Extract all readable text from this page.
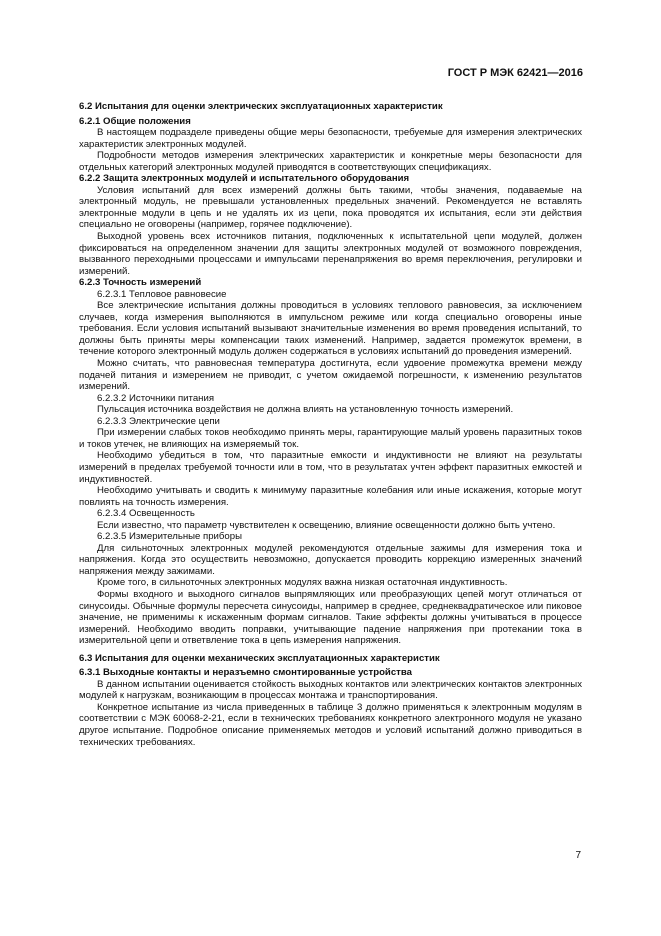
ГОСТ Р МЭК 62421—2016

6.2 Испытания для оценки электрических эксплуатационных характеристик

6.2.1 Общие положения

В настоящем подразделе приведены общие меры безопасности, требуемые для измерения электрических характеристик электронных модулей.

Подробности методов измерения электрических характеристик и конкретные меры безопасности для отдельных категорий электронных модулей приводятся в соответствующих спецификациях.

6.2.2 Защита электронных модулей и испытательного оборудования

Условия испытаний для всех измерений должны быть такими, чтобы значения, подаваемые на электронный модуль, не превышали установленных предельных значений. Рекомендуется не вставлять электронные модули в цепь и не удалять их из цепи, пока проводятся их испытания, если эти действия специально не оговорены (например, горячее подключение).

Выходной уровень всех источников питания, подключенных к испытательной цепи модулей, должен фиксироваться на определенном значении для защиты электронных модулей от возможного повреждения, вызванного переходными процессами и импульсами перенапряжения во время переключения, регулировки и измерений.

6.2.3 Точность измерений

6.2.3.1 Тепловое равновесие

Все электрические испытания должны проводиться в условиях теплового равновесия, за исключением случаев, когда измерения выполняются в импульсном режиме или когда специально оговорены иные требования. Если условия испытаний вызывают значительные изменения во время проведения испытаний, то должны быть приняты меры компенсации таких изменений. Например, задается промежуток времени, в течение которого электронный модуль должен содержаться в условиях испытаний до проведения измерений.

Можно считать, что равновесная температура достигнута, если удвоение промежутка времени между подачей питания и измерением не приводит, с учетом ожидаемой погрешности, к изменению результатов измерений.

6.2.3.2 Источники питания

Пульсация источника воздействия не должна влиять на установленную точность измерений.

6.2.3.3 Электрические цепи

При измерении слабых токов необходимо принять меры, гарантирующие малый уровень паразитных токов и токов утечек, не влияющих на измеряемый ток.

Необходимо убедиться в том, что паразитные емкости и индуктивности не влияют на результаты измерений в пределах требуемой точности или в том, что в результатах учтен эффект паразитных емкостей и индуктивностей.

Необходимо учитывать и сводить к минимуму паразитные колебания или иные искажения, которые могут повлиять на точность измерения.

6.2.3.4 Освещенность

Если известно, что параметр чувствителен к освещению, влияние освещенности должно быть учтено.

6.2.3.5 Измерительные приборы

Для сильноточных электронных модулей рекомендуются отдельные зажимы для измерения тока и напряжения. Когда это осуществить невозможно, допускается проводить коррекцию измеренных значений напряжения между зажимами.

Кроме того, в сильноточных электронных модулях важна низкая остаточная индуктивность.

Формы входного и выходного сигналов выпрямляющих или преобразующих цепей могут отличаться от синусоиды. Обычные формулы пересчета синусоиды, например в среднее, среднеквадратическое или пиковое значение, не применимы к искаженным формам сигналов. Такие эффекты должны учитываться в процессе измерений. Необходимо вводить поправки, учитывающие падение напряжения при протекании тока в измерительной цепи и ответвление тока в цепь измерения напряжения.

6.3 Испытания для оценки механических эксплуатационных характеристик

6.3.1 Выходные контакты и неразъемно смонтированные устройства

В данном испытании оценивается стойкость выходных контактов или электрических контактов электронных модулей к нагрузкам, возникающим в процессах монтажа и транспортирования.

Конкретное испытание из числа приведенных в таблице 3 должно применяться к электронным модулям в соответствии с МЭК 60068-2-21, если в технических требованиях конкретного электронного модуля не указано другое испытание. Подробное описание применяемых методов и условий испытаний должно приводиться в технических требованиях.

7
